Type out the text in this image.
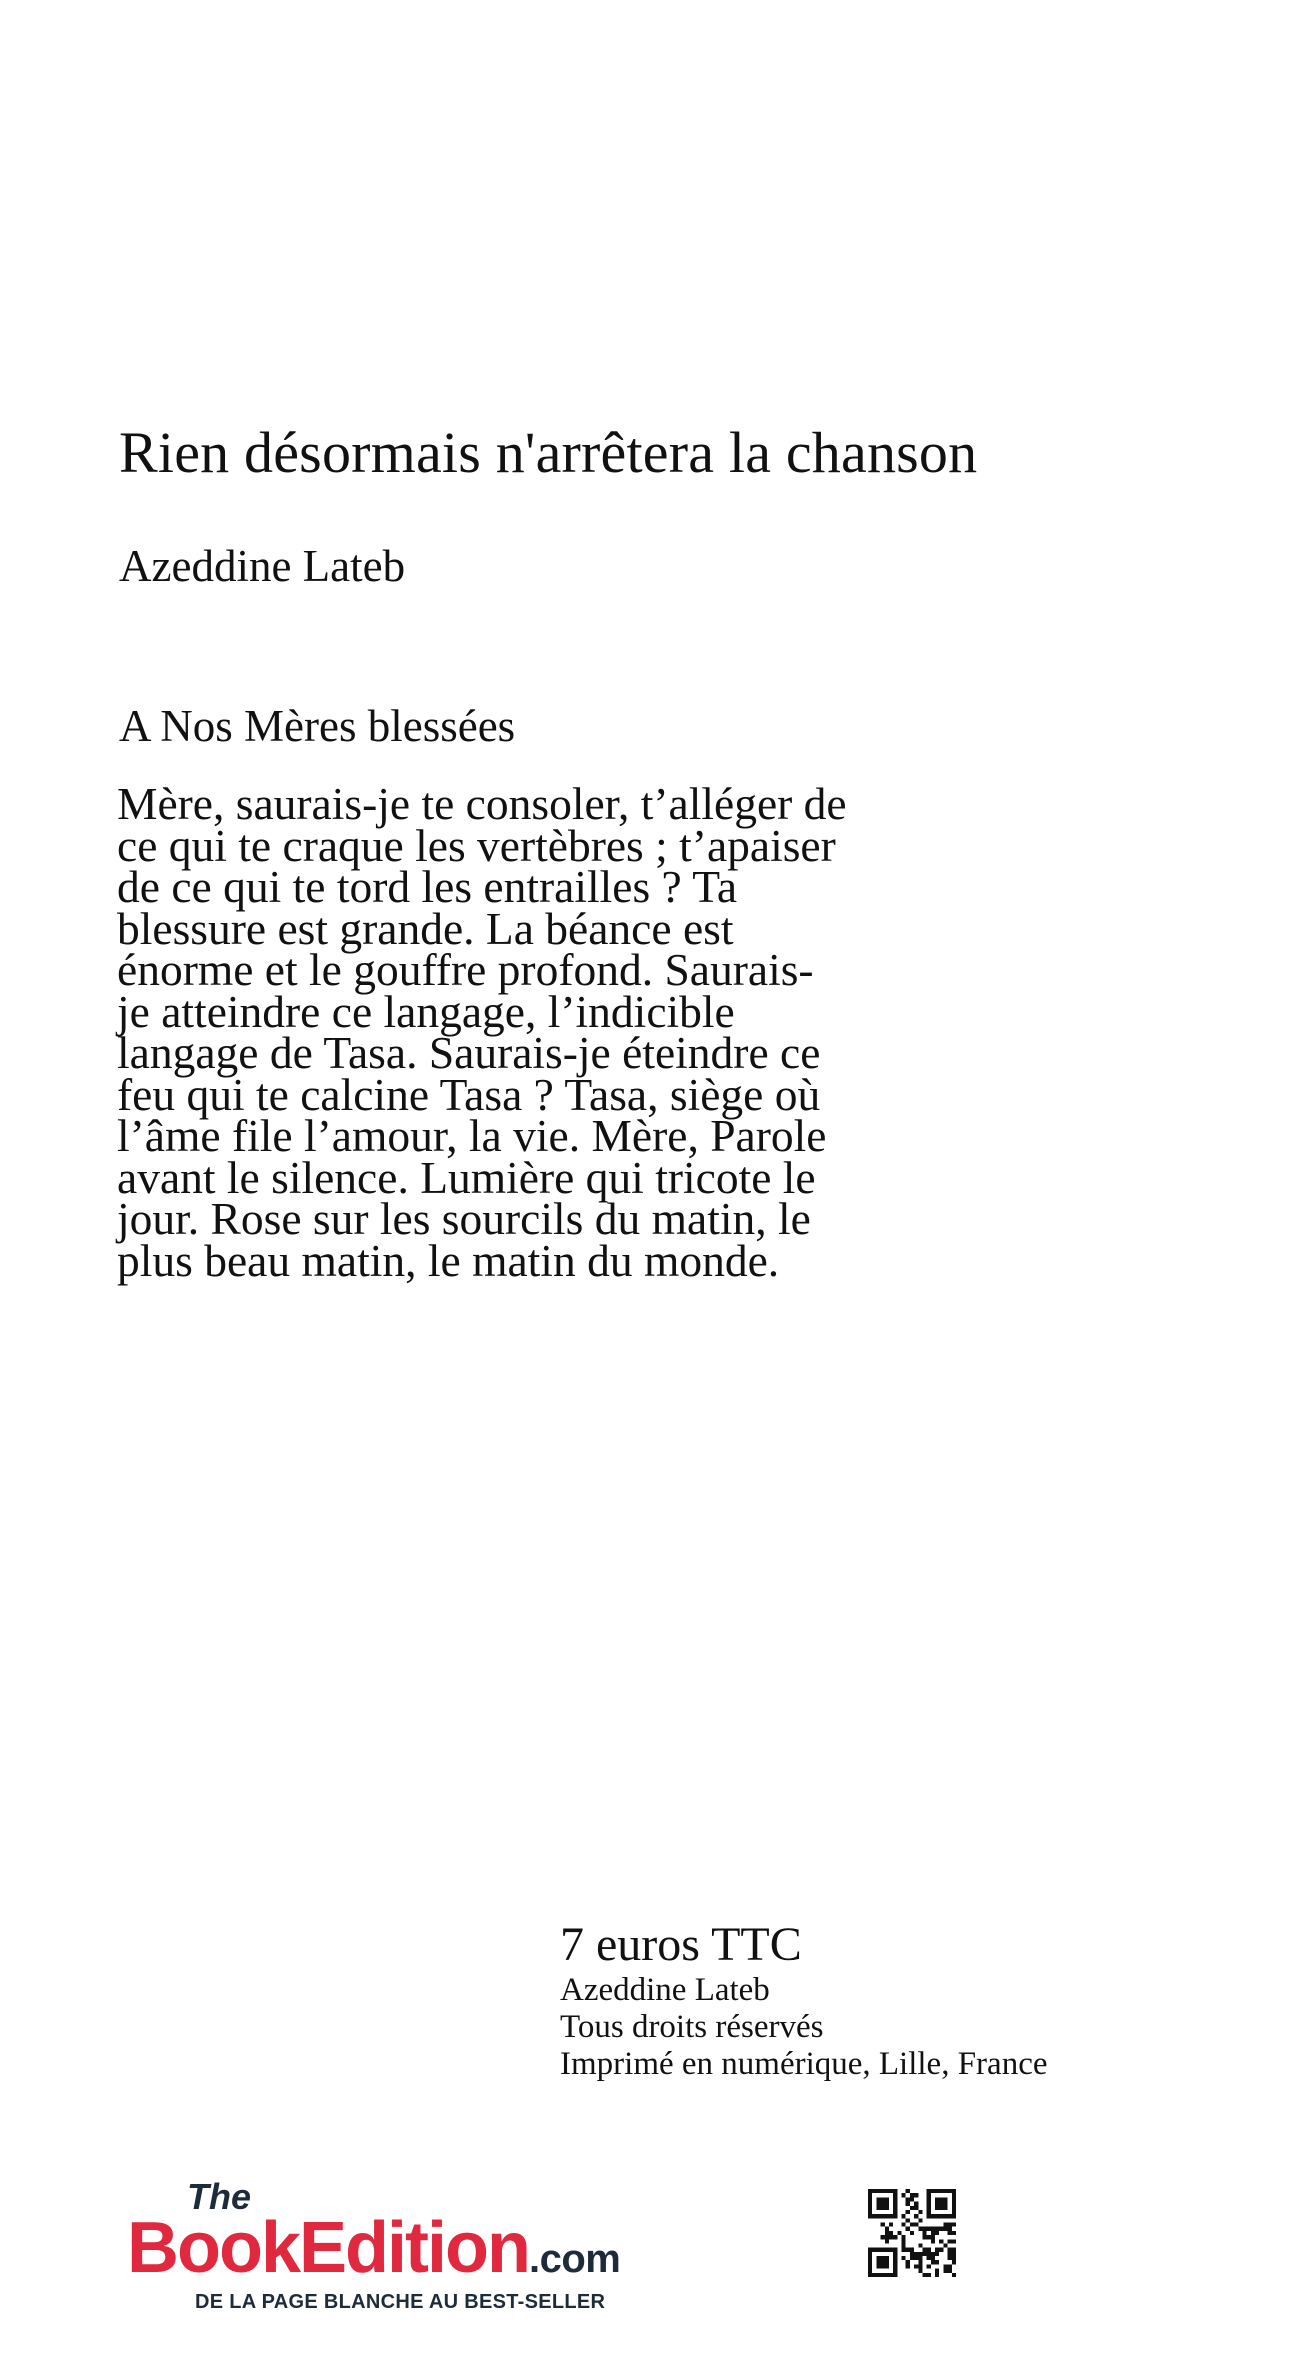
Rien désormais n'arrêtera la chanson
Azeddine Lateb
A Nos Mères blessées
Mère, saurais-je te consoler, t’alléger de
ce qui te craque les vertèbres ; t’apaiser
de ce qui te tord les entrailles ? Ta
blessure est grande. La béance est
énorme et le gouffre profond. Saurais-
je atteindre ce langage, l’indicible
langage de Tasa. Saurais-je éteindre ce
feu qui te calcine Tasa ? Tasa, siège où
l’âme file l’amour, la vie. Mère, Parole
avant le silence. Lumière qui tricote le
jour. Rose sur les sourcils du matin, le
plus beau matin, le matin du monde.
7 euros TTC
Azeddine Lateb
Tous droits réservés
Imprimé en numérique, Lille, France
The
BookEdition.com
DE LA PAGE BLANCHE AU BEST-SELLER
